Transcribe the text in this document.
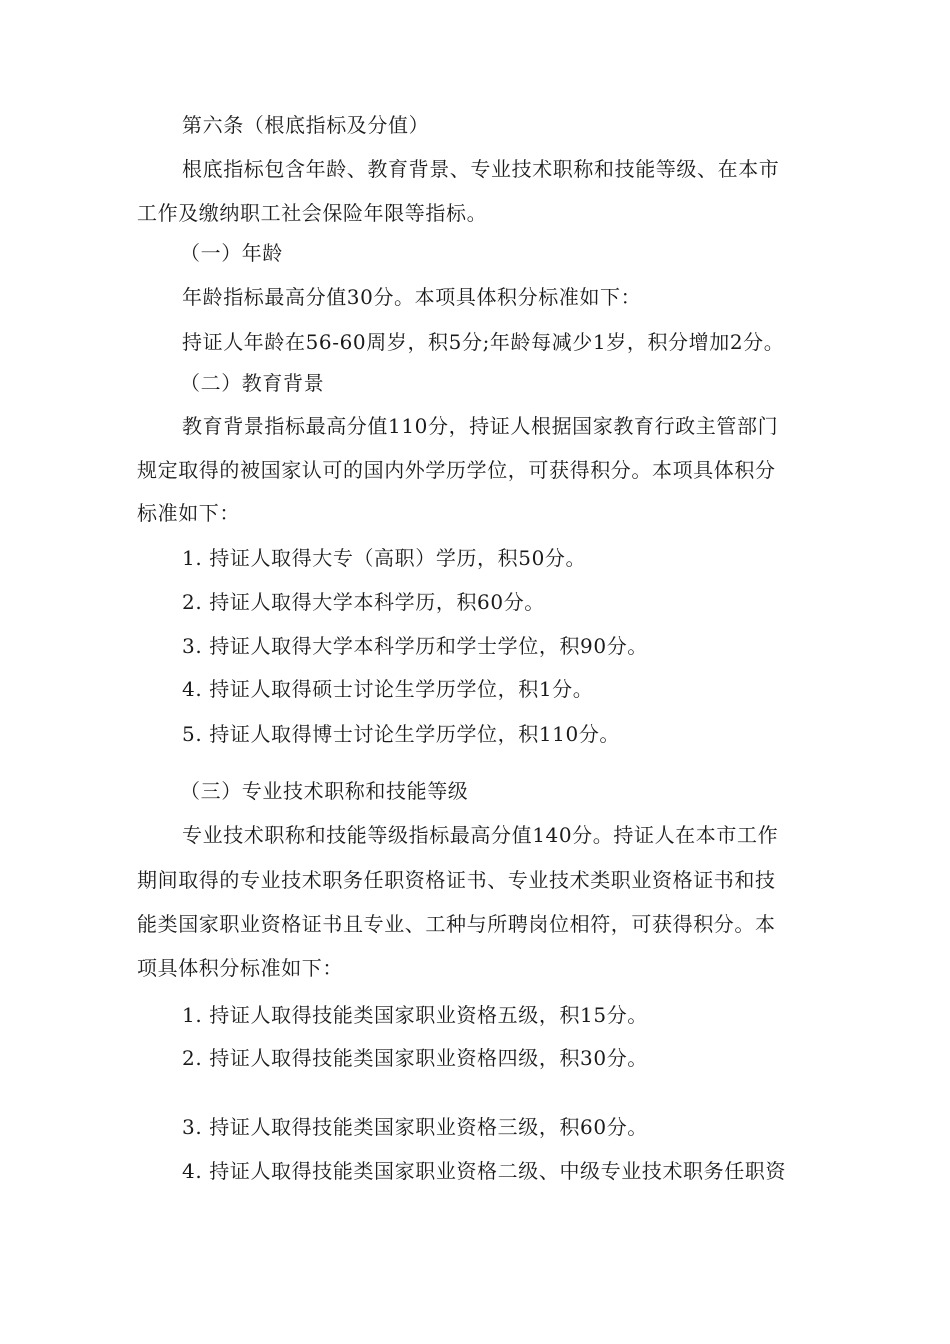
第六条（根底指标及分值）
根底指标包含年龄、教育背景、专业技术职称和技能等级、在本市
工作及缴纳职工社会保险年限等指标。
（一）年龄
年龄指标最高分值30分。本项具体积分标准如下：
持证人年龄在56-60周岁，积5分;年龄每减少1岁，积分增加2分。
（二）教育背景
教育背景指标最高分值110分，持证人根据国家教育行政主管部门
规定取得的被国家认可的国内外学历学位，可获得积分。本项具体积分
标准如下：
1. 持证人取得大专（高职）学历，积50分。
2. 持证人取得大学本科学历，积60分。
3. 持证人取得大学本科学历和学士学位，积90分。
4. 持证人取得硕士讨论生学历学位，积1分。
5. 持证人取得博士讨论生学历学位，积110分。
（三）专业技术职称和技能等级
专业技术职称和技能等级指标最高分值140分。持证人在本市工作
期间取得的专业技术职务任职资格证书、专业技术类职业资格证书和技
能类国家职业资格证书且专业、工种与所聘岗位相符，可获得积分。本
项具体积分标准如下：
1. 持证人取得技能类国家职业资格五级，积15分。
2. 持证人取得技能类国家职业资格四级，积30分。
3. 持证人取得技能类国家职业资格三级，积60分。
4. 持证人取得技能类国家职业资格二级、中级专业技术职务任职资
